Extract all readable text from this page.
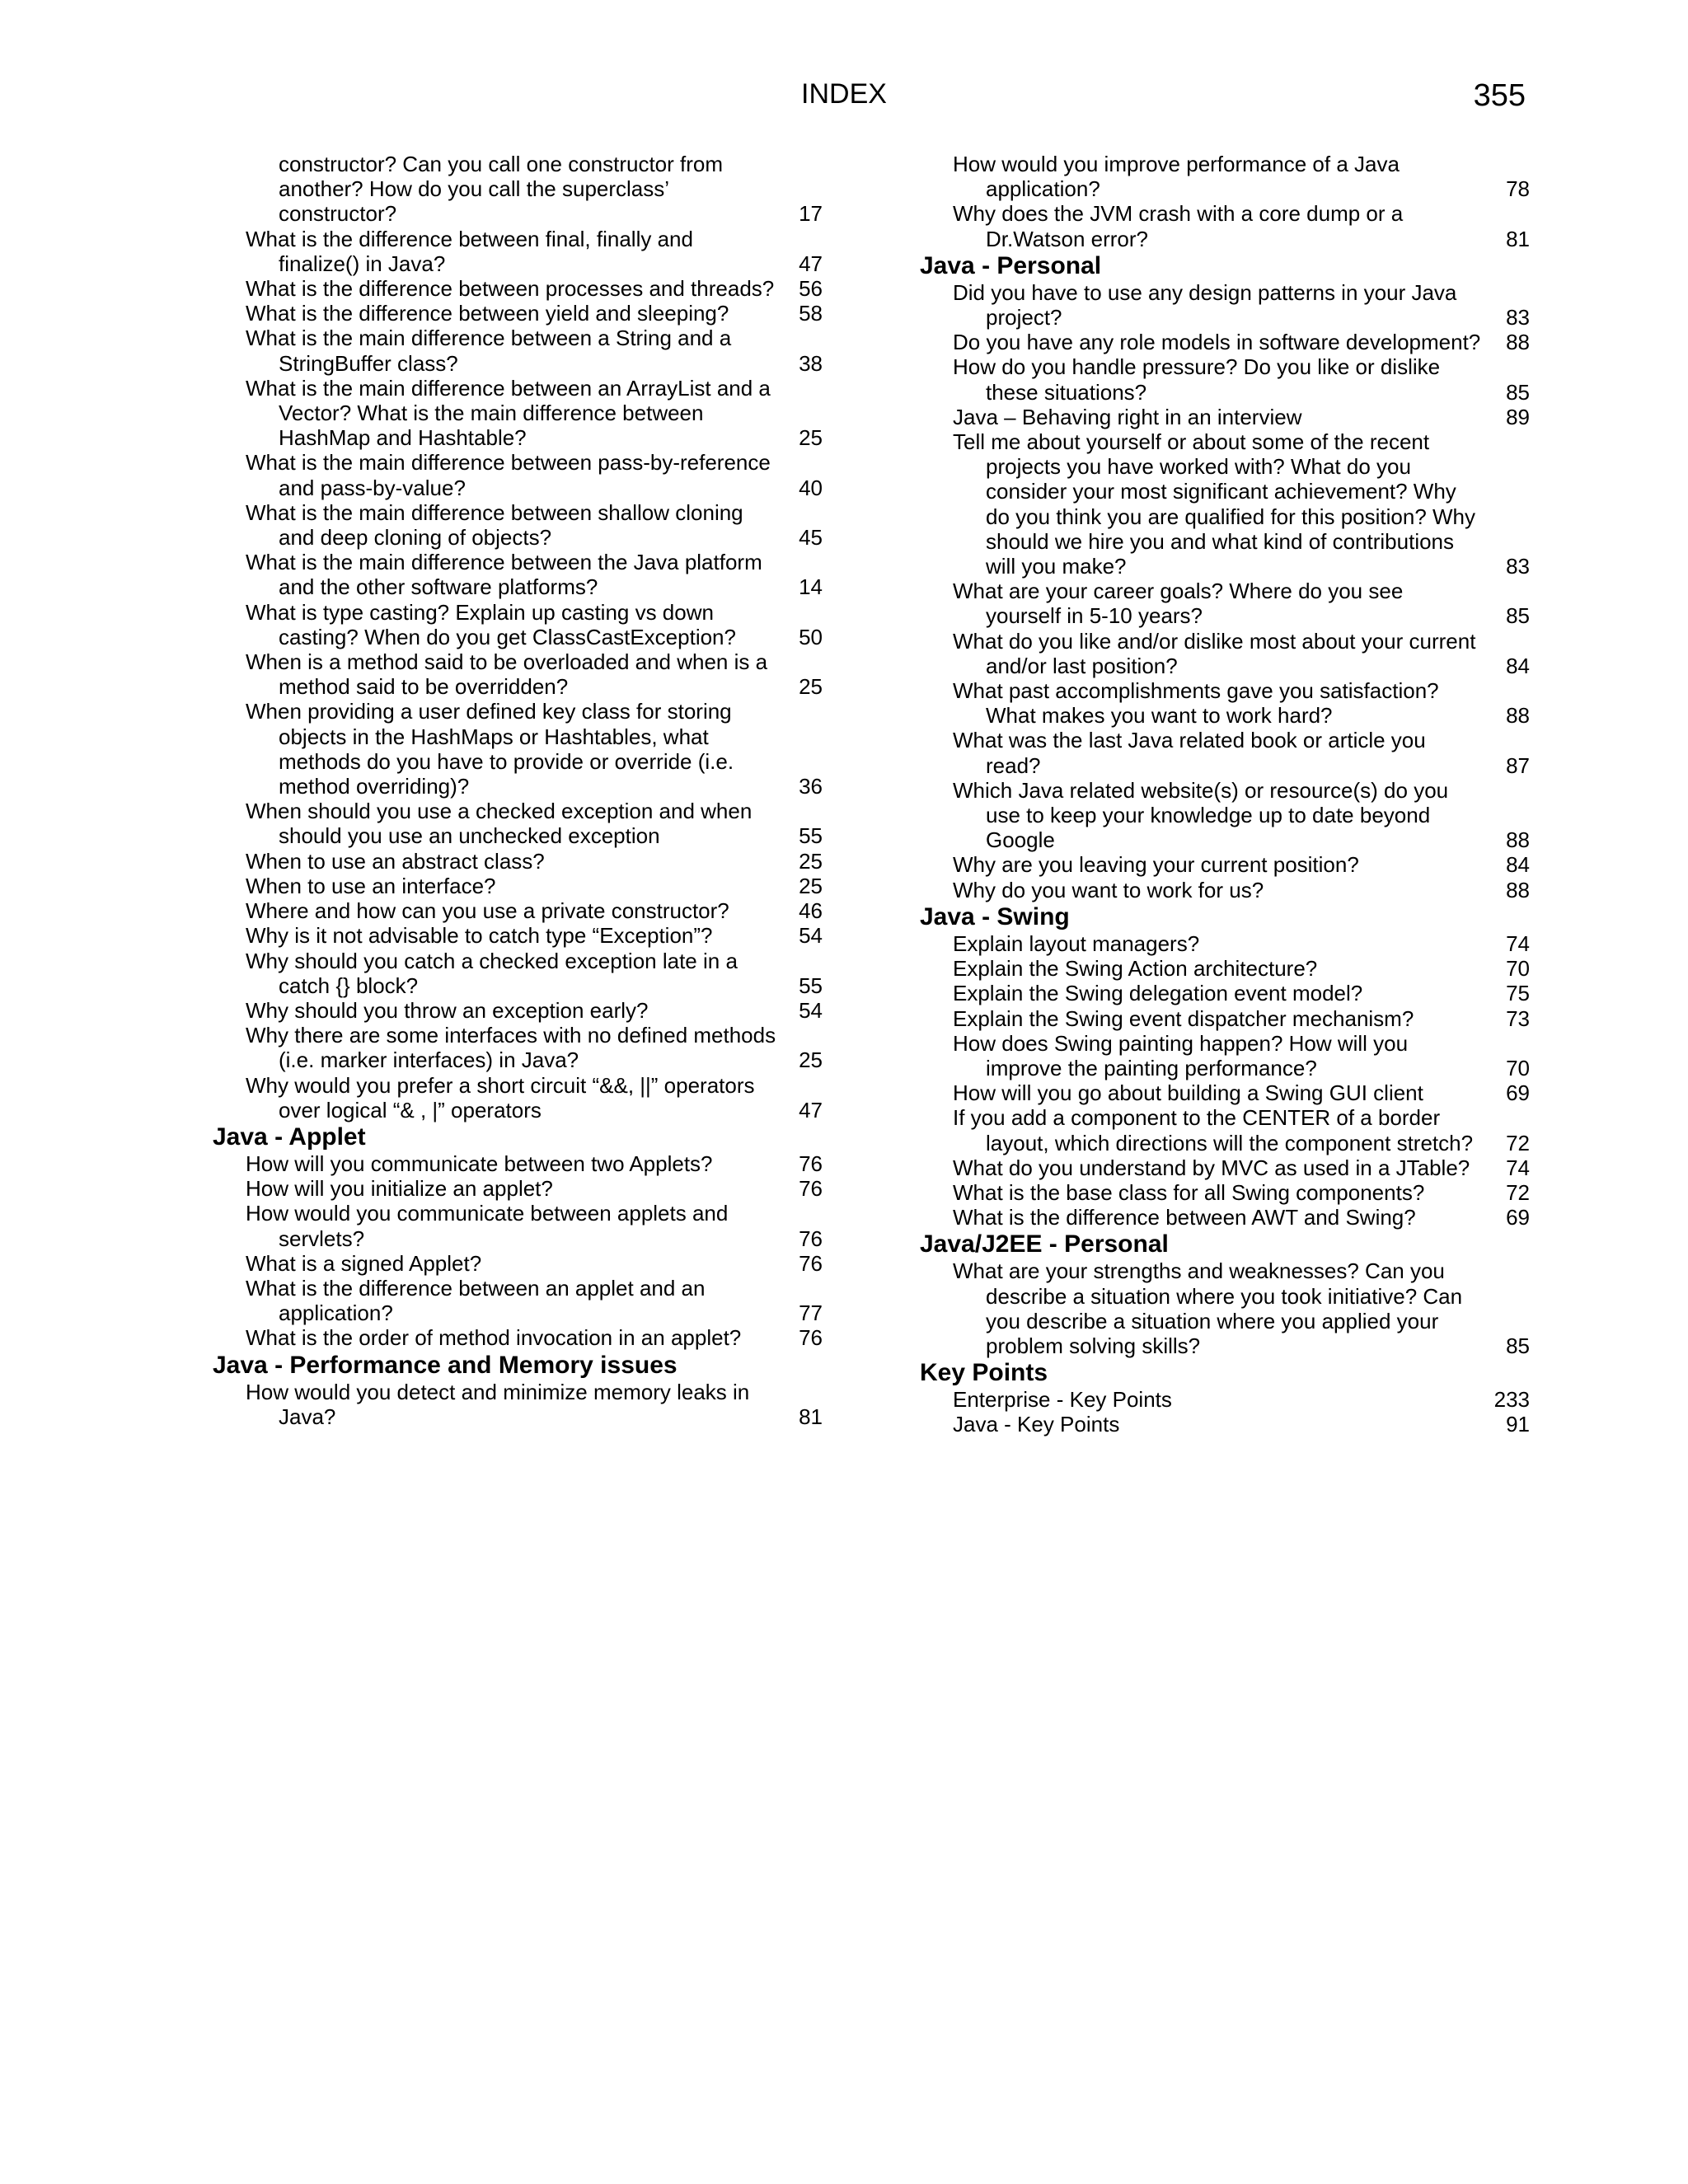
INDEX	355
constructor? Can you call one constructor from another? How do you call the superclass’ constructor?	17
What is the difference between final, finally and finalize() in Java?	47
What is the difference between processes and threads? 56
What is the difference between yield and sleeping?	58
What is the main difference between a String and a StringBuffer class?	38
What is the main difference between an ArrayList and a Vector? What is the main difference between HashMap and Hashtable?	25
What is the main difference between pass-by-reference and pass-by-value?	40
What is the main difference between shallow cloning and deep cloning of objects?	45
What is the main difference between the Java platform and the other software platforms?	14
What is type casting? Explain up casting vs down casting? When do you get ClassCastException?	50
When is a method said to be overloaded and when is a method said to be overridden?	25
When providing a user defined key class for storing objects in the HashMaps or Hashtables, what methods do you have to provide or override (i.e. method overriding)?	36
When should you use a checked exception and when should you use an unchecked exception	55
When to use an abstract class?	25
When to use an interface?	25
Where and how can you use a private constructor?	46
Why is it not advisable to catch type “Exception”?	54
Why should you catch a checked exception late in a catch {} block?	55
Why should you throw an exception early?	54
Why there are some interfaces with no defined methods (i.e. marker interfaces) in Java?	25
Why would you prefer a short circuit “&&, ||” operators over logical “& , |” operators	47
Java - Applet
How will you communicate between two Applets?	76
How will you initialize an applet?	76
How would you communicate between applets and servlets?	76
What is a signed Applet?	76
What is the difference between an applet and an application?	77
What is the order of method invocation in an applet?	76
Java - Performance and Memory issues
How would you detect and minimize memory leaks in Java?	81
How would you improve performance of a Java application?	78
Why does the JVM crash with a core dump or a Dr.Watson error?	81
Java - Personal
Did you have to use any design patterns in your Java project?	83
Do you have any role models in software development? 88
How do you handle pressure? Do you like or dislike these situations?	85
Java – Behaving right in an interview	89
Tell me about yourself or about some of the recent projects you have worked with? What do you consider your most significant achievement? Why do you think you are qualified for this position? Why should we hire you and what kind of contributions will you make?	83
What are your career goals? Where do you see yourself in 5-10 years?	85
What do you like and/or dislike most about your current and/or last position?	84
What past accomplishments gave you satisfaction? What makes you want to work hard?	88
What was the last Java related book or article you read?	87
Which Java related website(s) or resource(s) do you use to keep your knowledge up to date beyond Google	88
Why are you leaving your current position?	84
Why do you want to work for us?	88
Java - Swing
Explain layout managers?	74
Explain the Swing Action architecture?	70
Explain the Swing delegation event model?	75
Explain the Swing event dispatcher mechanism?	73
How does Swing painting happen? How will you improve the painting performance?	70
How will you go about building a Swing GUI client	69
If you add a component to the CENTER of a border layout, which directions will the component stretch? 72
What do you understand by MVC as used in a JTable? 74
What is the base class for all Swing components?	72
What is the difference between AWT and Swing?	69
Java/J2EE - Personal
What are your strengths and weaknesses? Can you describe a situation where you took initiative? Can you describe a situation where you applied your problem solving skills?	85
Key Points
Enterprise - Key Points	233
Java - Key Points	91
